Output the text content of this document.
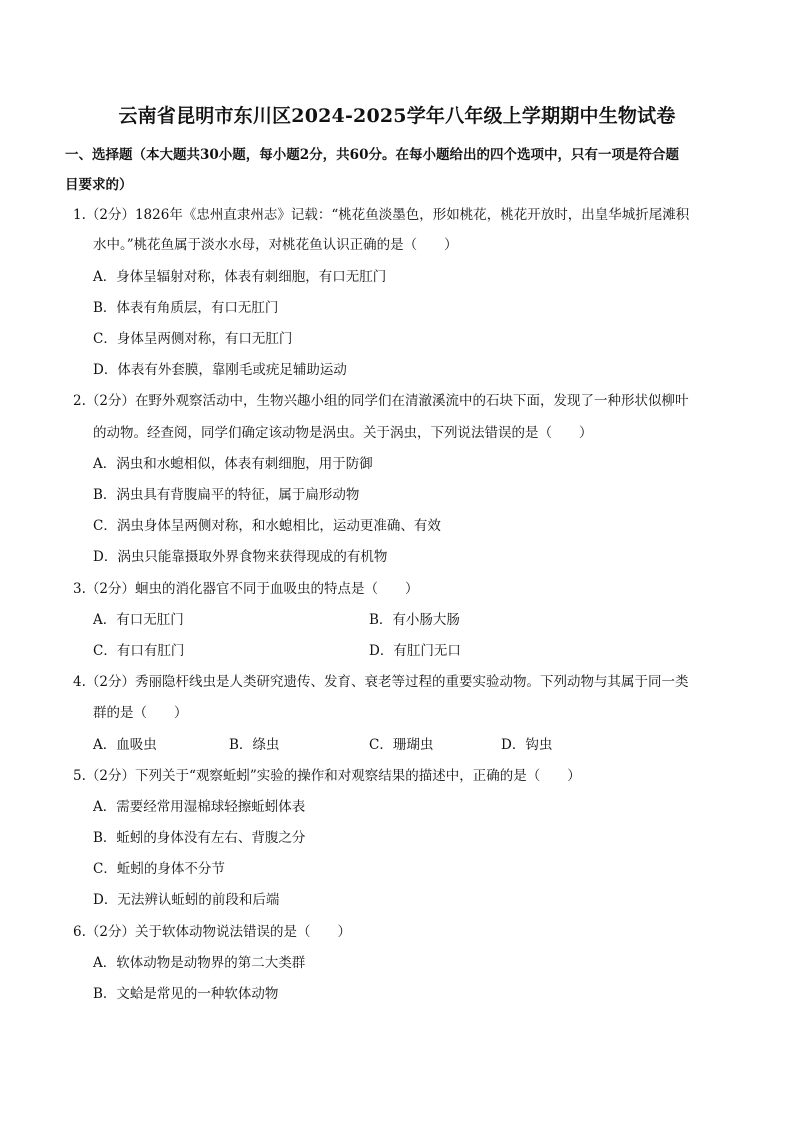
云南省昆明市东川区2024-2025学年八年级上学期期中生物试卷
一、选择题（本大题共30小题，每小题2分，共60分。在每小题给出的四个选项中，只有一项是符合题
目要求的）
1.（2分）1826年《忠州直隶州志》记载：“桃花鱼淡墨色，形如桃花，桃花开放时，出皇华城折尾滩积
水中。”桃花鱼属于淡水水母，对桃花鱼认识正确的是（　　）
A．身体呈辐射对称，体表有刺细胞，有口无肛门
B．体表有角质层，有口无肛门
C．身体呈两侧对称，有口无肛门
D．体表有外套膜，靠刚毛或疣足辅助运动
2.（2分）在野外观察活动中，生物兴趣小组的同学们在清澈溪流中的石块下面，发现了一种形状似柳叶
的动物。经查阅，同学们确定该动物是涡虫。关于涡虫，下列说法错误的是（　　）
A．涡虫和水螅相似，体表有刺细胞，用于防御
B．涡虫具有背腹扁平的特征，属于扁形动物
C．涡虫身体呈两侧对称，和水螅相比，运动更准确、有效
D．涡虫只能靠摄取外界食物来获得现成的有机物
3.（2分）蛔虫的消化器官不同于血吸虫的特点是（　　）
A．有口无肛门	B．有小肠大肠
C．有口有肛门	D．有肛门无口
4.（2分）秀丽隐杆线虫是人类研究遗传、发育、衰老等过程的重要实验动物。下列动物与其属于同一类
群的是（　　）
A．血吸虫	B．绦虫	C．珊瑚虫	D．钩虫
5.（2分）下列关于“观察蚯蚓”实验的操作和对观察结果的描述中，正确的是（　　）
A．需要经常用湿棉球轻擦蚯蚓体表
B．蚯蚓的身体没有左右、背腹之分
C．蚯蚓的身体不分节
D．无法辨认蚯蚓的前段和后端
6.（2分）关于软体动物说法错误的是（　　）
A．软体动物是动物界的第二大类群
B．文蛤是常见的一种软体动物
